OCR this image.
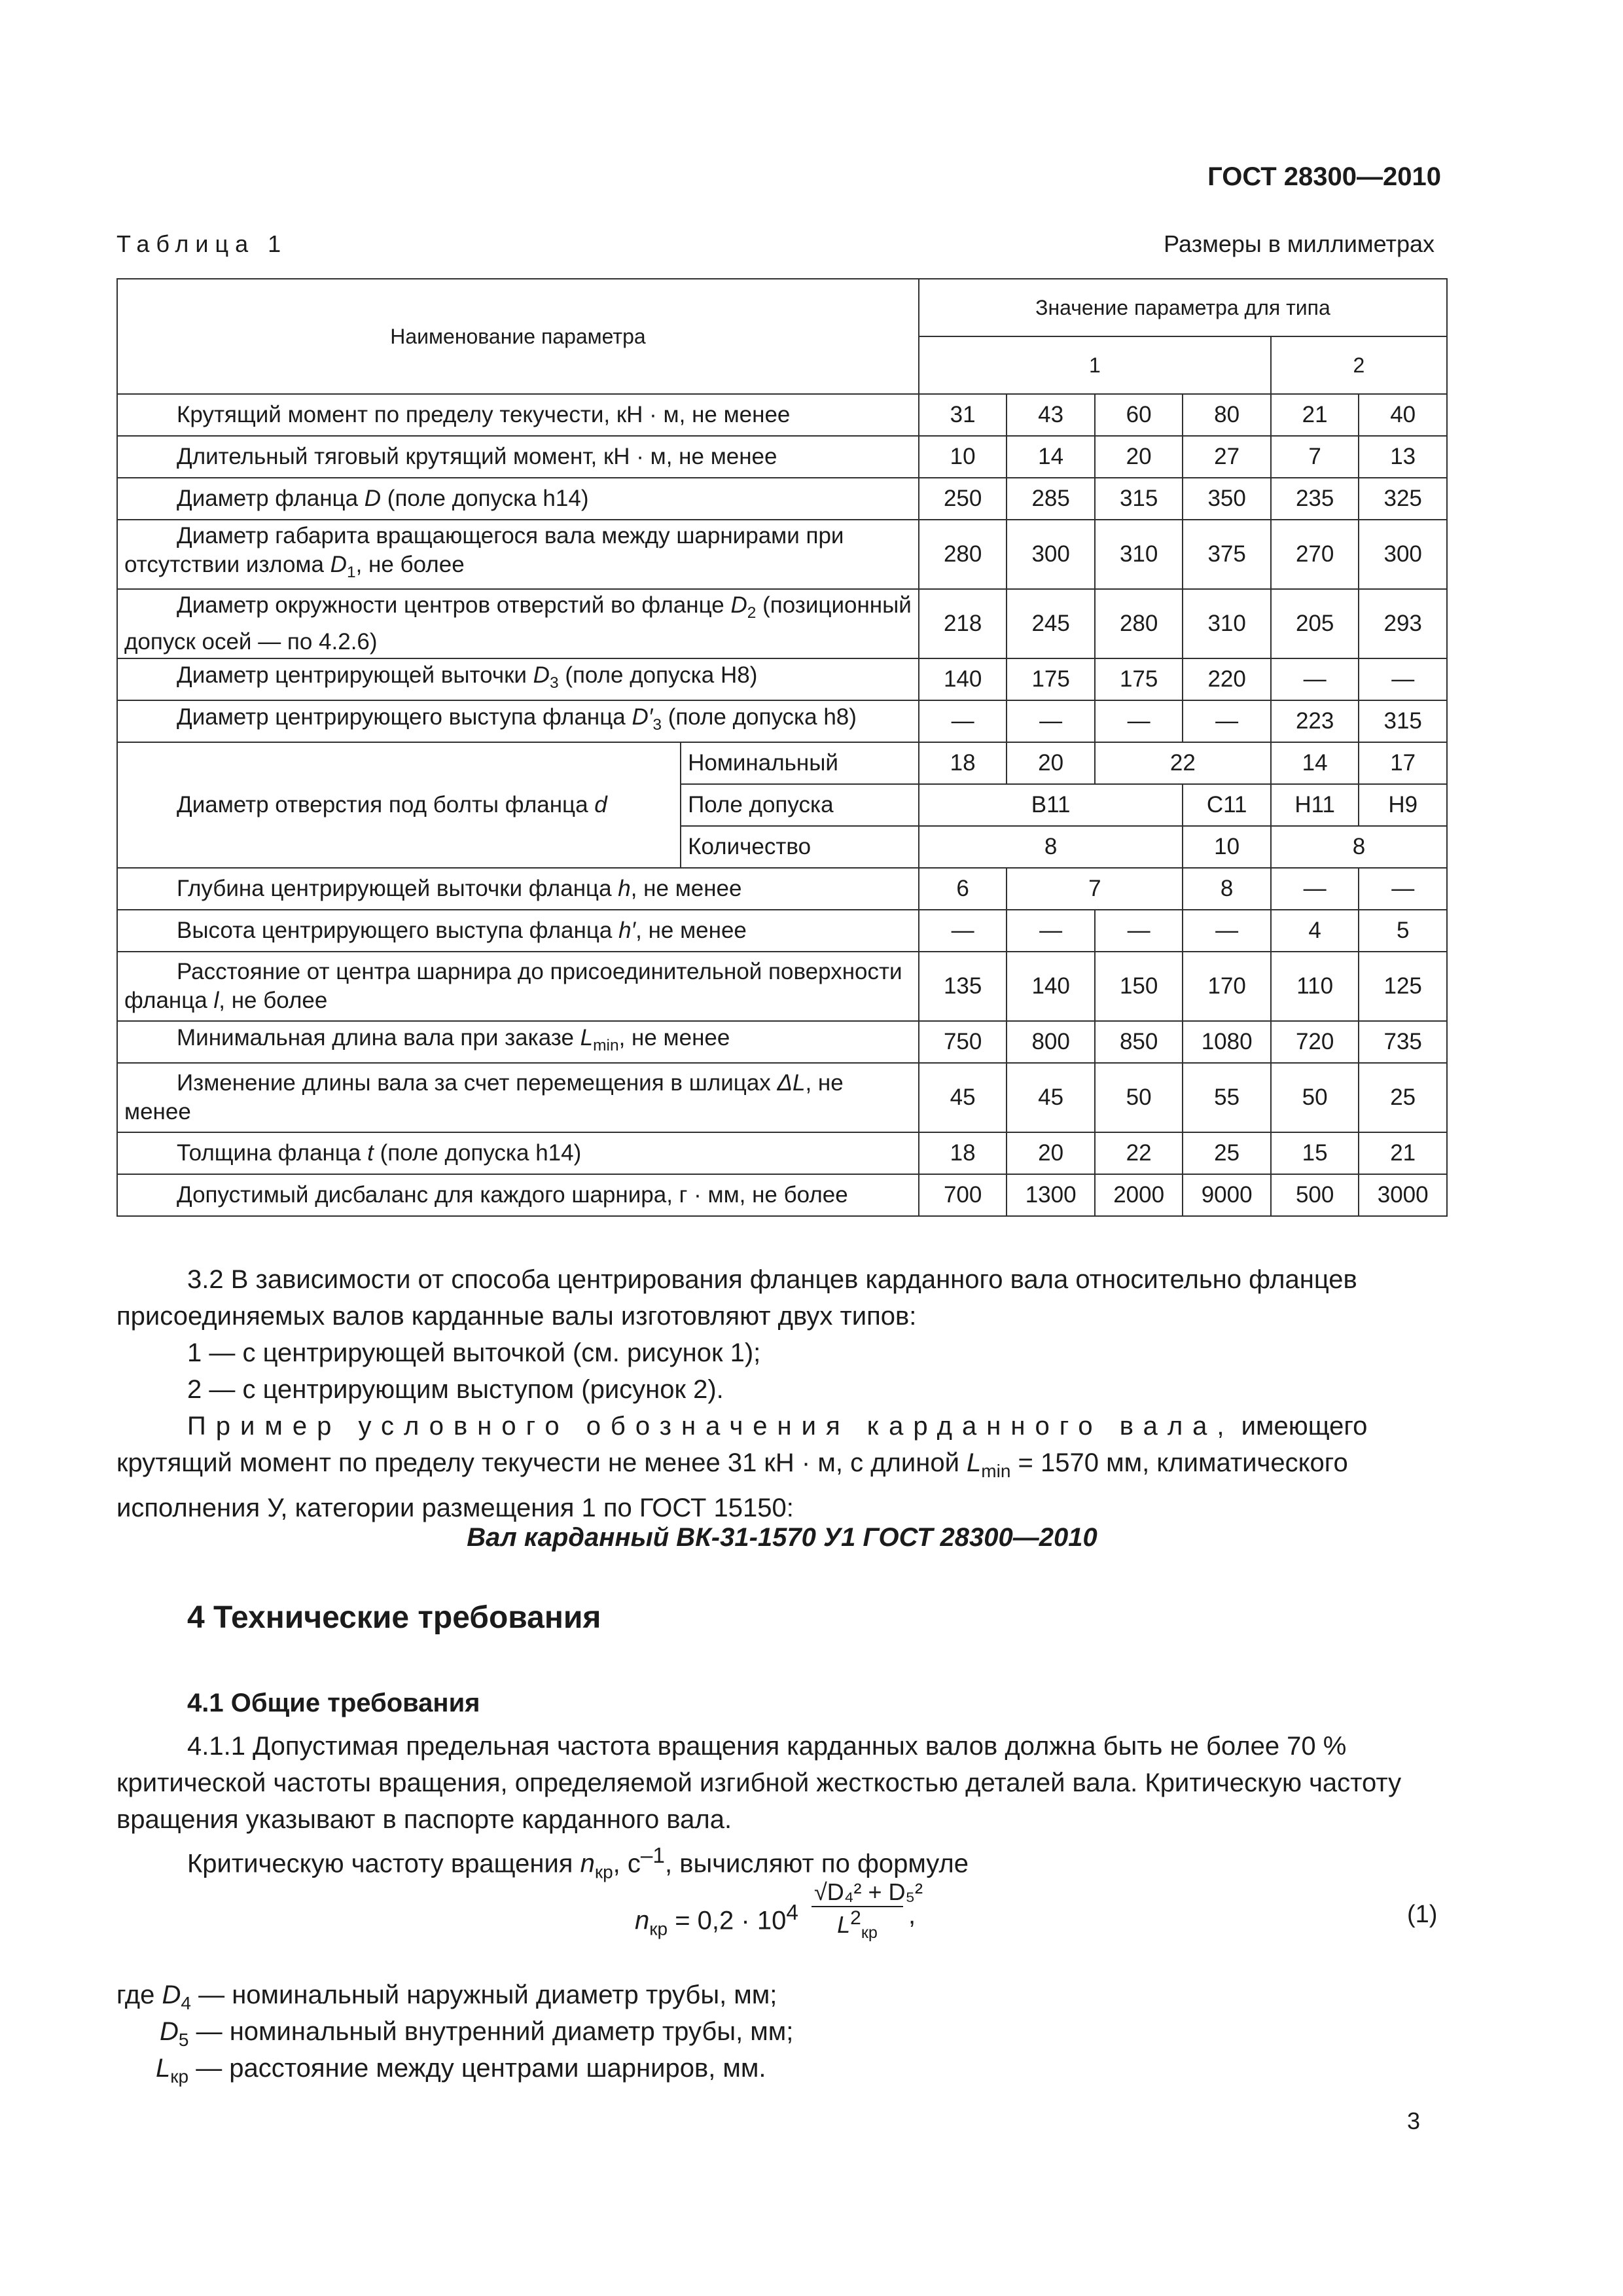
ГОСТ 28300—2010
Таблица 1	Размеры в миллиметрах
Наименование параметра		Значение параметра для типа					
		1				2	
Крутящий момент по пределу текучести, кН · м, не менее		31	43	60	80	21	40
Длительный тяговый крутящий момент, кН · м, не менее		10	14	20	27	7	13
Диаметр фланца D (поле допуска h14)		250	285	315	350	235	325
Диаметр габарита вращающегося вала между шарнирами при отсутствии излома $D_1$, не более		280	300	310	375	270	300
Диаметр окружности центров отверстий во фланце $D_2$ (позиционный допуск осей — по 4.2.6)		218	245	280	310	205	293
Диаметр центрирующей выточки $D_3$ (поле допуска H8)		140	175	175	220	—	—
Диаметр центрирующего выступа фланца $D'_3$ (поле допуска h8)		—	—	—	—	223	315
Диаметр отверстия под болты фланца d	Номинальный	18	20	22		14	17
	Поле допуска	B11			C11	H11	H9
	Количество	8			10	8	
Глубина центрирующей выточки фланца h, не менее		6	7		8	—	—
Высота центрирующего выступа фланца h′, не менее		—	—	—	—	4	5
Расстояние от центра шарнира до присоединительной поверхности фланца l, не более		135	140	150	170	110	125
Минимальная длина вала при заказе $L_{min}$, не менее		750	800	850	1080	720	735
Изменение длины вала за счет перемещения в шлицах ΔL, не менее		45	45	50	55	50	25
Толщина фланца t (поле допуска h14)		18	20	22	25	15	21
Допустимый дисбаланс для каждого шарнира, г · мм, не более		700	1300	2000	9000	500	3000
3.2 В зависимости от способа центрирования фланцев карданного вала относительно фланцев присоединяемых валов карданные валы изготовляют двух типов:
1 — с центрирующей выточкой (см. рисунок 1);
2 — с центрирующим выступом (рисунок 2).
Пример условного обозначения карданного вала, имеющего крутящий момент по пределу текучести не менее 31 кН · м, с длиной $L_{min} = 1570$ мм, климатического исполнения У, категории размещения 1 по ГОСТ 15150:
Вал карданный ВК-31-1570 У1 ГОСТ 28300—2010
4 Технические требования
4.1 Общие требования
4.1.1 Допустимая предельная частота вращения карданных валов должна быть не более 70 % критической частоты вращения, определяемой изгибной жесткостью деталей вала. Критическую частоту вращения указывают в паспорте карданного вала.
Критическую частоту вращения $n_{кр}$, $с^{-1}$, вычисляют по формуле
$n_{кр} = 0,2 \cdot 10^4$
√D₄² + D₅²
$L^2_{кр}$
,	(1)
где $D_4$ — номинальный наружный диаметр трубы, мм;
$D_5$ — номинальный внутренний диаметр трубы, мм;
$L_{кр}$ — расстояние между центрами шарниров, мм.
3
